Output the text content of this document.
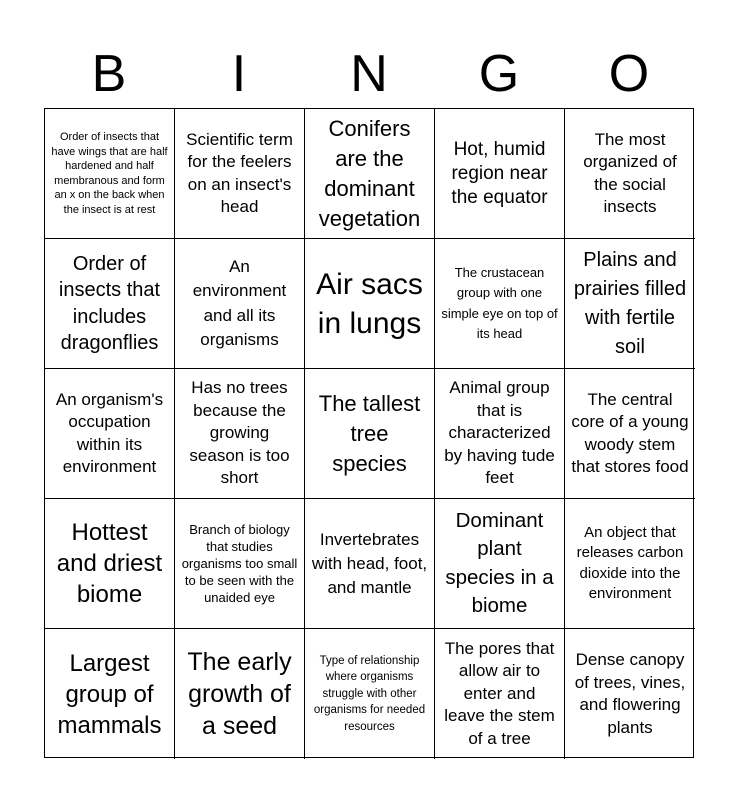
B	I	N	G	O
Order of insects that have wings that are half hardened and half membranous and form an x on the back when the insect is at rest
Scientific term for the feelers on an insect's head
Conifers are the dominant vegetation
Hot, humid region near the equator
The most organized of the social insects
Order of insects that includes dragonflies
An environment and all its organisms
Air sacs in lungs
The crustacean group with one simple eye on top of its head
Plains and prairies filled with fertile soil
An organism's occupation within its environment
Has no trees because the growing season is too short
The tallest tree species
Animal group that is characterized by having tude feet
The central core of a young woody stem that stores food
Hottest and driest biome
Branch of biology that studies organisms too small to be seen with the unaided eye
Invertebrates with head, foot, and mantle
Dominant plant species in a biome
An object that releases carbon dioxide into the environment
Largest group of mammals
The early growth of a seed
Type of relationship where organisms struggle with other organisms for needed resources
The pores that allow air to enter and leave the stem of a tree
Dense canopy of trees, vines, and flowering plants
